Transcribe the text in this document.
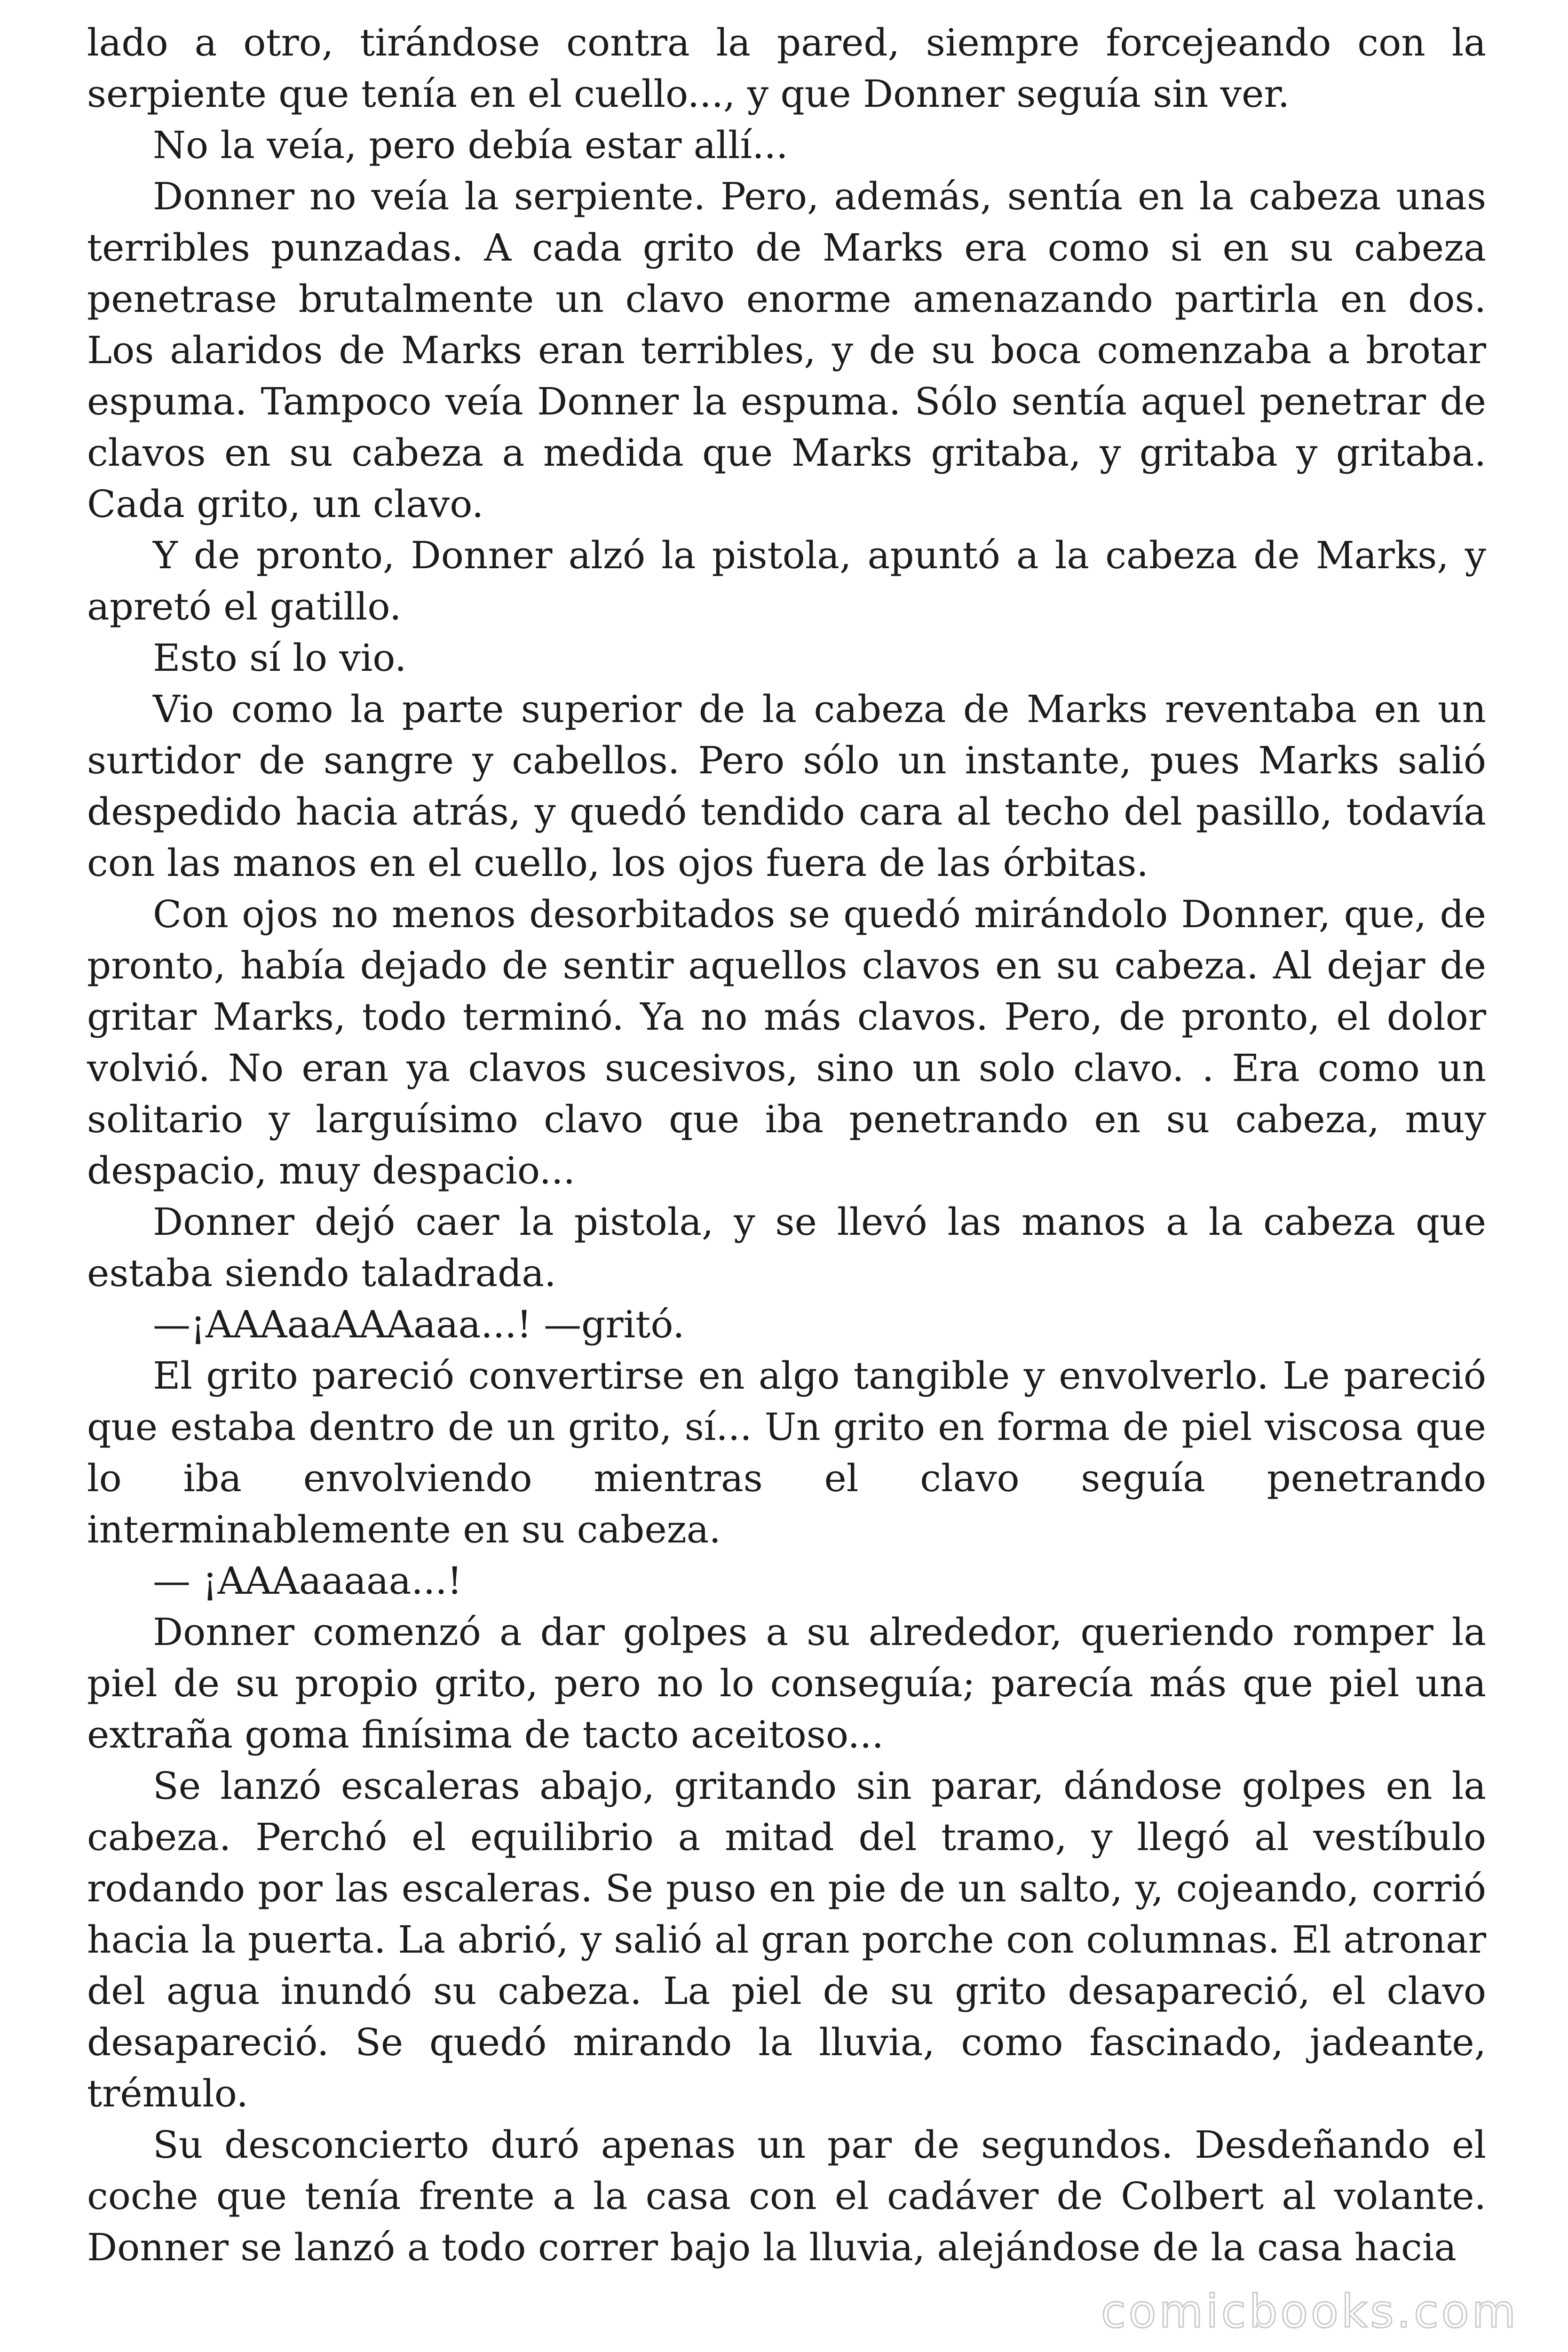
lado a otro, tirándose contra la pared, siempre forcejeando con la serpiente que tenía en el cuello..., y que Donner seguía sin ver.

No la veía, pero debía estar allí...

Donner no veía la serpiente. Pero, además, sentía en la cabeza unas terribles punzadas. A cada grito de Marks era como si en su cabeza penetrase brutalmente un clavo enorme amenazando partirla en dos. Los alaridos de Marks eran terribles, y de su boca comenzaba a brotar espuma. Tampoco veía Donner la espuma. Sólo sentía aquel penetrar de clavos en su cabeza a medida que Marks gritaba, y gritaba y gritaba. Cada grito, un clavo.

Y de pronto, Donner alzó la pistola, apuntó a la cabeza de Marks, y apretó el gatillo.

Esto sí lo vio.

Vio como la parte superior de la cabeza de Marks reventaba en un surtidor de sangre y cabellos. Pero sólo un instante, pues Marks salió despedido hacia atrás, y quedó tendido cara al techo del pasillo, todavía con las manos en el cuello, los ojos fuera de las órbitas.

Con ojos no menos desorbitados se quedó mirándolo Donner, que, de pronto, había dejado de sentir aquellos clavos en su cabeza. Al dejar de gritar Marks, todo terminó. Ya no más clavos. Pero, de pronto, el dolor volvió. No eran ya clavos sucesivos, sino un solo clavo. . Era como un solitario y larguísimo clavo que iba penetrando en su cabeza, muy despacio, muy despacio...

Donner dejó caer la pistola, y se llevó las manos a la cabeza que estaba siendo taladrada.

—¡AAAaaAAAaaa...! —gritó.

El grito pareció convertirse en algo tangible y envolverlo. Le pareció que estaba dentro de un grito, sí... Un grito en forma de piel viscosa que lo iba envolviendo mientras el clavo seguía penetrando interminablemente en su cabeza.

— ¡AAAaaaaa...!

Donner comenzó a dar golpes a su alrededor, queriendo romper la piel de su propio grito, pero no lo conseguía; parecía más que piel una extraña goma finísima de tacto aceitoso...

Se lanzó escaleras abajo, gritando sin parar, dándose golpes en la cabeza. Perchó el equilibrio a mitad del tramo, y llegó al vestíbulo rodando por las escaleras. Se puso en pie de un salto, y, cojeando, corrió hacia la puerta. La abrió, y salió al gran porche con columnas. El atronar del agua inundó su cabeza. La piel de su grito desapareció, el clavo desapareció. Se quedó mirando la lluvia, como fascinado, jadeante, trémulo.

Su desconcierto duró apenas un par de segundos. Desdeñando el coche que tenía frente a la casa con el cadáver de Colbert al volante. Donner se lanzó a todo correr bajo la lluvia, alejándose de la casa hacia

comicbooks.com
